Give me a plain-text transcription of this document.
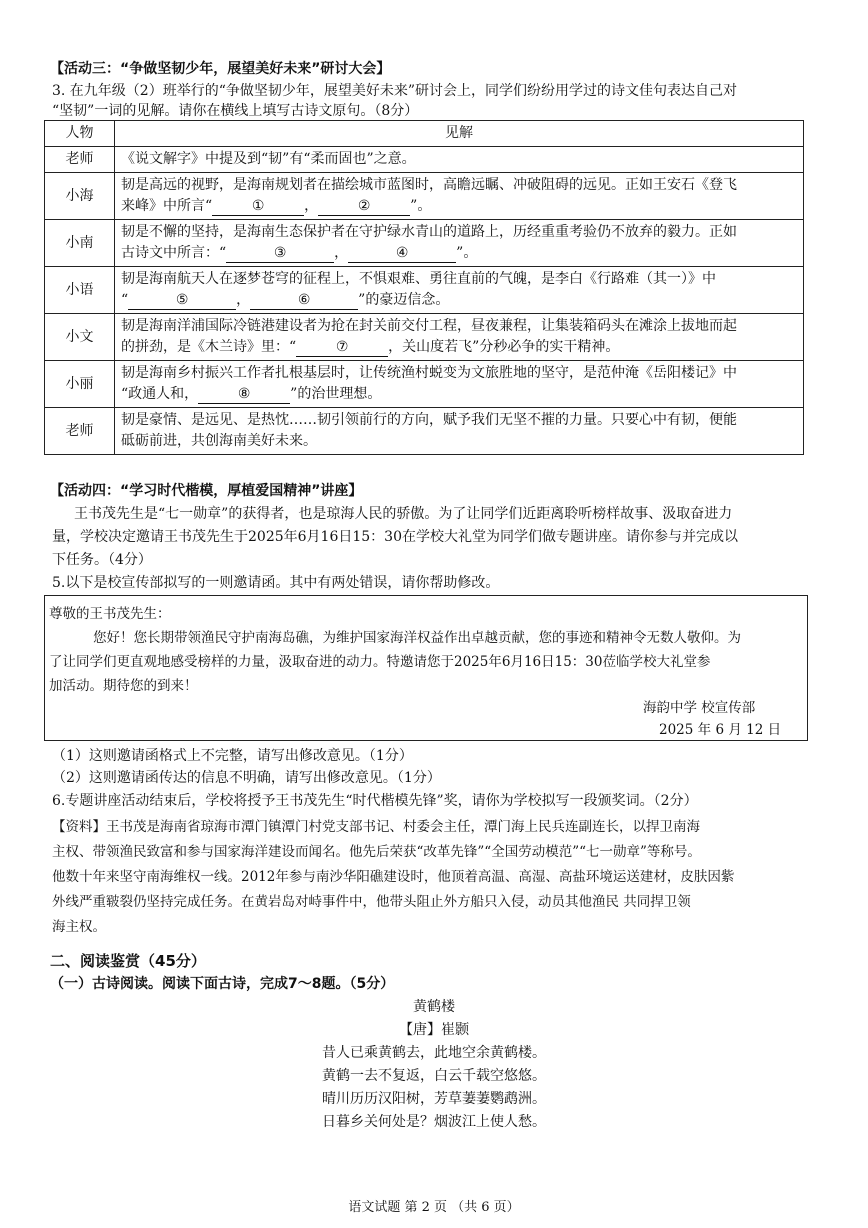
【活动三：“争做坚韧少年，展望美好未来”研讨大会】
3. 在九年级（2）班举行的“争做坚韧少年，展望美好未来”研讨会上，同学们纷纷用学过的诗文佳句表达自己对
“坚韧”一词的见解。请你在横线上填写古诗文原句。（8分）
人物	见解
老师	《说文解字》中提及到“韧”有“柔而固也”之意。
小海	韧是高远的视野，是海南规划者在描绘城市蓝图时，高瞻远瞩、冲破阻碍的远见。正如王安石《登飞
来峰》中所言“ ① ， ② ”。

小南	韧是不懈的坚持，是海南生态保护者在守护绿水青山的道路上，历经重重考验仍不放弃的毅力。正如
古诗文中所言：“ ③ ， ④ ”。

小语	韧是海南航天人在逐梦苍穹的征程上，不惧艰难、勇往直前的气魄，是李白《行路难（其一）》中
“ ⑤ ， ⑥ ”的豪迈信念。

小文	韧是海南洋浦国际冷链港建设者为抢在封关前交付工程，昼夜兼程，让集装箱码头在滩涂上拔地而起
的拼劲，是《木兰诗》里：“ ⑦ ，关山度若飞”分秒必争的实干精神。

小丽	韧是海南乡村振兴工作者扎根基层时，让传统渔村蜕变为文旅胜地的坚守，是范仲淹《岳阳楼记》中
“政通人和， ⑧ ”的治世理想。

老师	韧是豪情、是远见、是热忱……韧引领前行的方向，赋予我们无坚不摧的力量。只要心中有韧，便能
砥砺前进，共创海南美好未来。
【活动四：“学习时代楷模，厚植爱国精神”讲座】
王书茂先生是“七一勋章”的获得者，也是琼海人民的骄傲。为了让同学们近距离聆听榜样故事、汲取奋进力
量，学校决定邀请王书茂先生于2025年6月16日15：30在学校大礼堂为同学们做专题讲座。请你参与并完成以
下任务。（4分）
5.以下是校宣传部拟写的一则邀请函。其中有两处错误，请你帮助修改。
尊敬的王书茂先生：
您好！您长期带领渔民守护南海岛礁，为维护国家海洋权益作出卓越贡献，您的事迹和精神令无数人敬仰。为
了让同学们更直观地感受榜样的力量，汲取奋进的动力。特邀请您于2025年6月16日15：30莅临学校大礼堂参
加活动。期待您的到来！
海韵中学 校宣传部
2025 年 6 月 12 日
（1）这则邀请函格式上不完整，请写出修改意见。（1分）
（2）这则邀请函传达的信息不明确，请写出修改意见。（1分）
6.专题讲座活动结束后，学校将授予王书茂先生“时代楷模先锋”奖，请你为学校拟写一段颁奖词。（2分）
【资料】王书茂是海南省琼海市潭门镇潭门村党支部书记、村委会主任，潭门海上民兵连副连长，以捍卫南海
主权、带领渔民致富和参与国家海洋建设而闻名。他先后荣获“改革先锋”“全国劳动模范”“七一勋章”等称号。
他数十年来坚守南海维权一线。2012年参与南沙华阳礁建设时，他顶着高温、高湿、高盐环境运送建材，皮肤因紫
外线严重皲裂仍坚持完成任务。在黄岩岛对峙事件中，他带头阻止外方船只入侵，动员其他渔民 共同捍卫领
海主权。
二、阅读鉴赏（45分）
（一）古诗阅读。阅读下面古诗，完成7～8题。（5分）
黄鹤楼
【唐】崔颢
昔人已乘黄鹤去，此地空余黄鹤楼。
黄鹤一去不复返，白云千载空悠悠。
晴川历历汉阳树，芳草萋萋鹦鹉洲。
日暮乡关何处是？烟波江上使人愁。
语文试题 第 2 页 （共 6 页）
